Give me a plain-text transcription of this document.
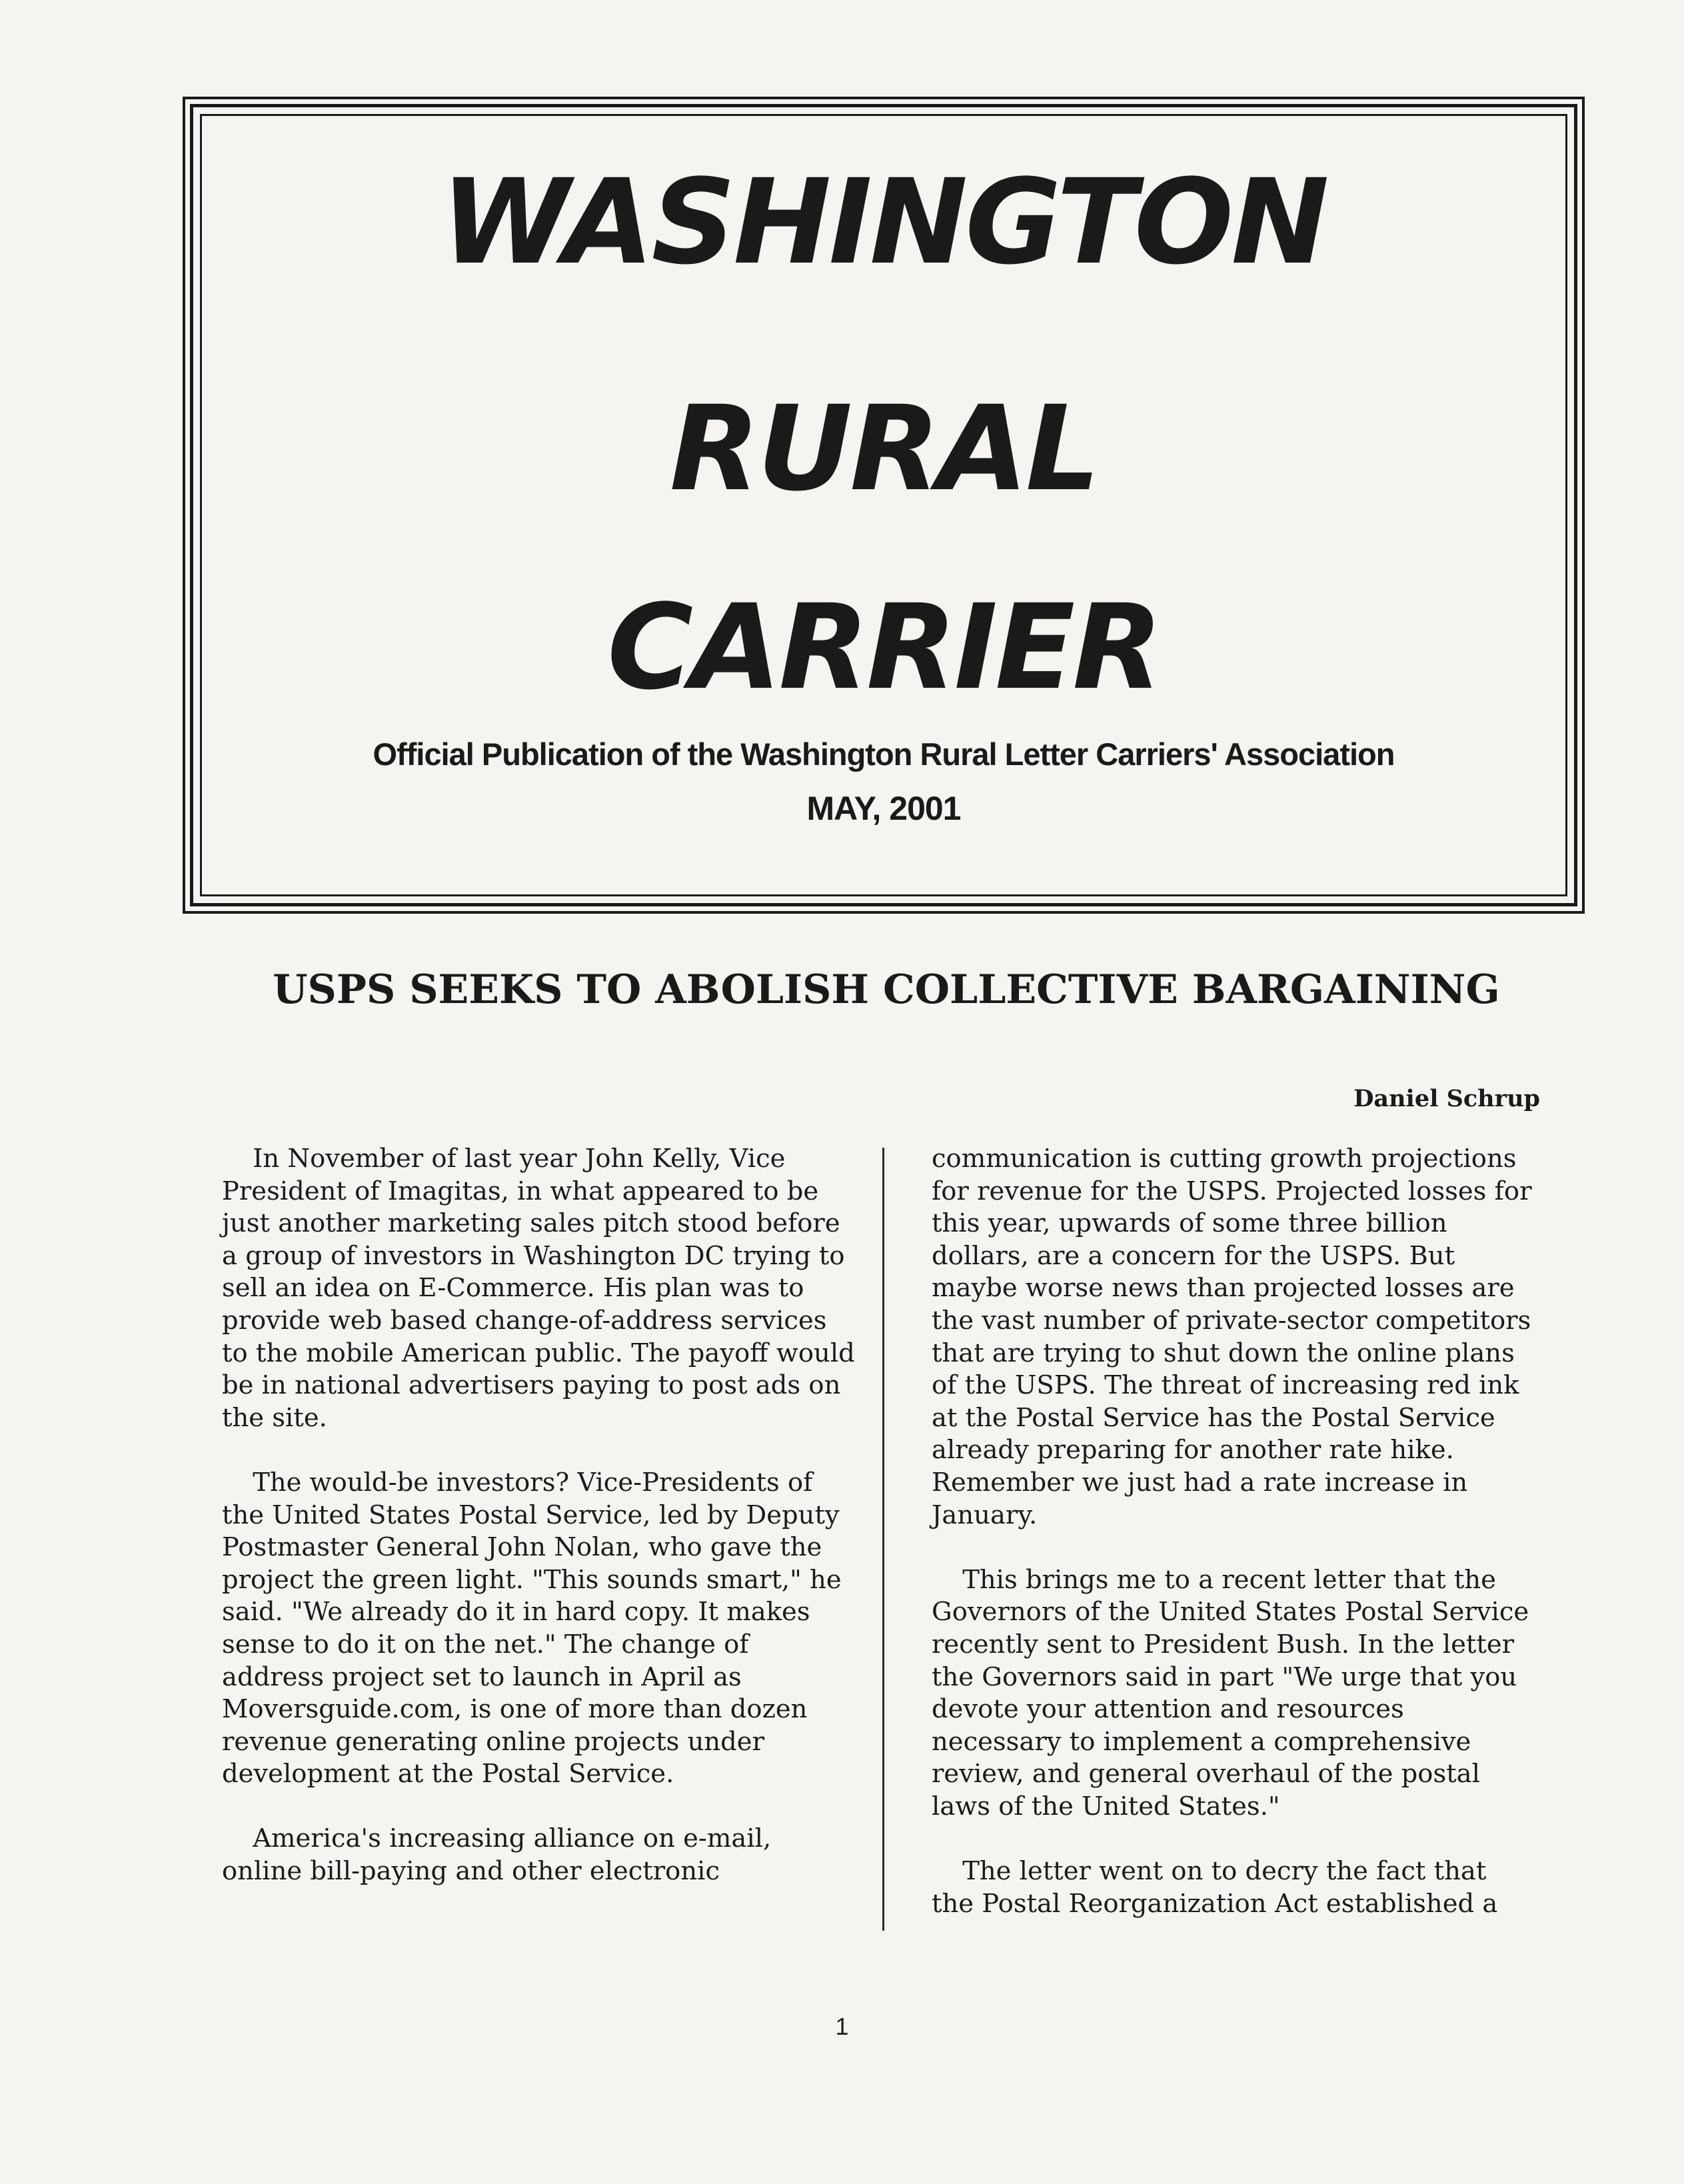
WASHINGTON
RURAL
CARRIER
Official Publication of the Washington Rural Letter Carriers' Association
MAY, 2001
USPS SEEKS TO ABOLISH COLLECTIVE BARGAINING
Daniel Schrup

In November of last year John Kelly, Vice President of Imagitas, in what appeared to be just another marketing sales pitch stood before a group of investors in Washington DC trying to sell an idea on E-Commerce. His plan was to provide web based change-of-address services to the mobile American public. The payoff would be in national advertisers paying to post ads on the site.

The would-be investors? Vice-Presidents of the United States Postal Service, led by Deputy Postmaster General John Nolan, who gave the project the green light. "This sounds smart," he said. "We already do it in hard copy. It makes sense to do it on the net." The change of address project set to launch in April as Moversguide.com, is one of more than dozen revenue generating online projects under development at the Postal Service.

America's increasing alliance on e-mail, online bill-paying and other electronic

communication is cutting growth projections for revenue for the USPS. Projected losses for this year, upwards of some three billion dollars, are a concern for the USPS. But maybe worse news than projected losses are the vast number of private-sector competitors that are trying to shut down the online plans of the USPS. The threat of increasing red ink at the Postal Service has the Postal Service already preparing for another rate hike. Remember we just had a rate increase in January.

This brings me to a recent letter that the Governors of the United States Postal Service recently sent to President Bush. In the letter the Governors said in part "We urge that you devote your attention and resources necessary to implement a comprehensive review, and general overhaul of the postal laws of the United States."

The letter went on to decry the fact that the Postal Reorganization Act established a

1
